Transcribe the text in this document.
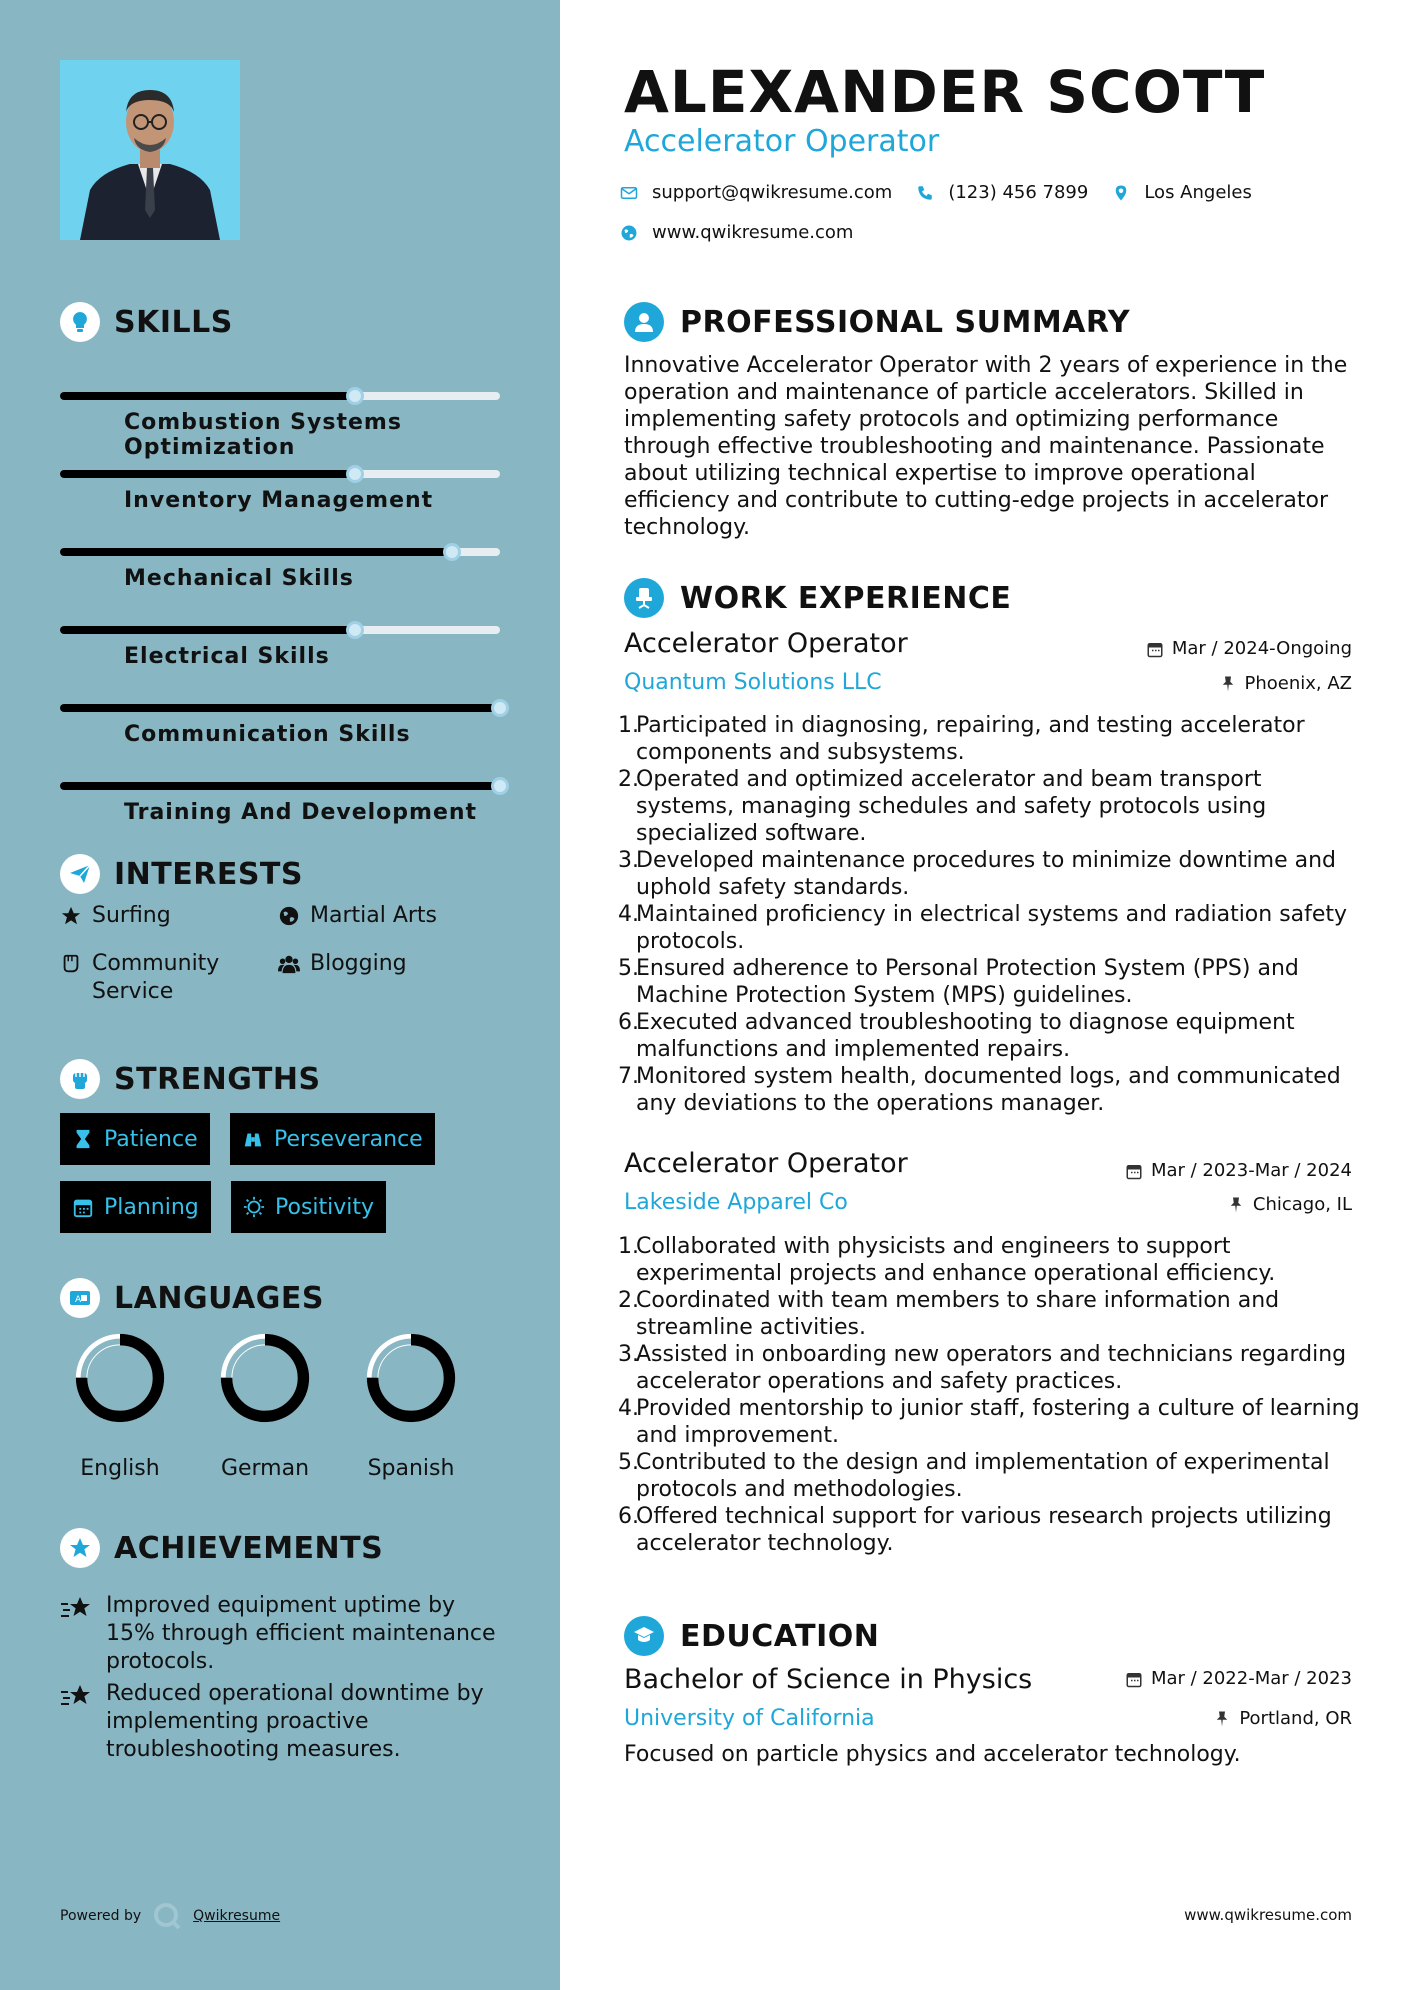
SKILLS
Combustion Systems Optimization
Inventory Management
Mechanical Skills
Electrical Skills
Communication Skills
Training And Development
INTERESTS
Surfing	Martial Arts
Community Service
Blogging
STRENGTHS
Patience	Perseverance
Planning	Positivity
A LANGUAGES
English	German	Spanish
ACHIEVEMENTS
Improved equipment uptime by 15% through efficient maintenance protocols.
Reduced operational downtime by implementing proactive troubleshooting measures.
Powered by	Qwikresume
ALEXANDER SCOTT
Accelerator Operator
support@qwikresume.com	(123) 456 7899	Los Angeles
www.qwikresume.com
PROFESSIONAL SUMMARY

Innovative Accelerator Operator with 2 years of experience in the operation and maintenance of particle accelerators. Skilled in implementing safety protocols and optimizing performance through effective troubleshooting and maintenance. Passionate about utilizing technical expertise to improve operational efficiency and contribute to cutting-edge projects in accelerator technology.

WORK EXPERIENCE
Accelerator Operator	Mar / 2024-Ongoing
Quantum Solutions LLC	Phoenix, AZ
1.
Participated in diagnosing, repairing, and testing accelerator components and subsystems.
2.
Operated and optimized accelerator and beam transport systems, managing schedules and safety protocols using specialized software.
3.
Developed maintenance procedures to minimize downtime and uphold safety standards.
4.
Maintained proficiency in electrical systems and radiation safety protocols.
5.
Ensured adherence to Personal Protection System (PPS) and Machine Protection System (MPS) guidelines.
6.
Executed advanced troubleshooting to diagnose equipment malfunctions and implemented repairs.
7.
Monitored system health, documented logs, and communicated any deviations to the operations manager.
Accelerator Operator	Mar / 2023-Mar / 2024
Lakeside Apparel Co	Chicago, IL
1.
Collaborated with physicists and engineers to support experimental projects and enhance operational efficiency.
2.
Coordinated with team members to share information and streamline activities.
3.
Assisted in onboarding new operators and technicians regarding accelerator operations and safety practices.
4.
Provided mentorship to junior staff, fostering a culture of learning and improvement.
5.
Contributed to the design and implementation of experimental protocols and methodologies.
6.
Offered technical support for various research projects utilizing accelerator technology.
EDUCATION
Bachelor of Science in Physics	Mar / 2022-Mar / 2023
University of California	Portland, OR
Focused on particle physics and accelerator technology.
www.qwikresume.com
